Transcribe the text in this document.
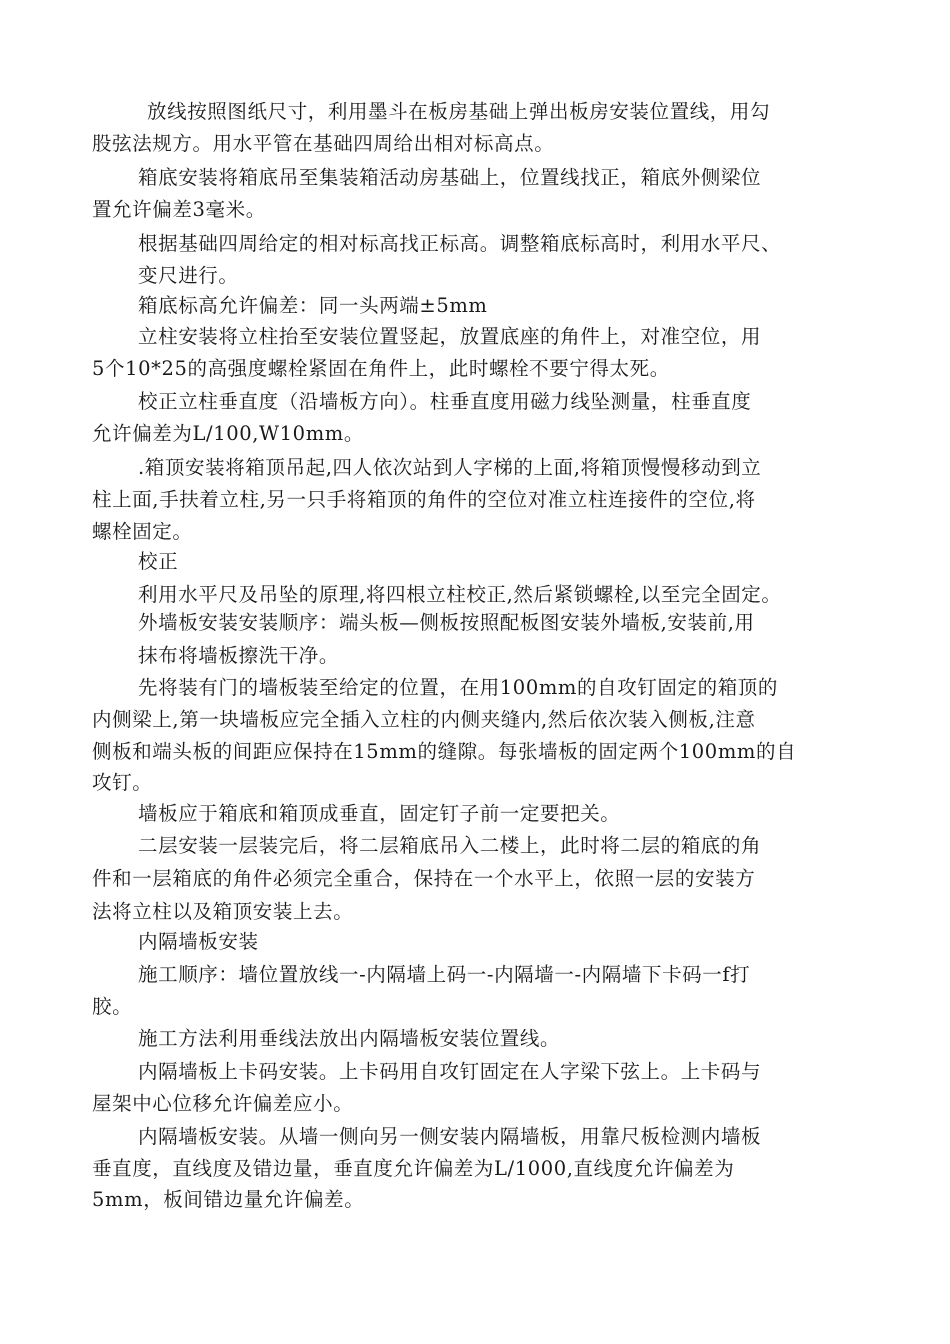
放线按照图纸尺寸，利用墨斗在板房基础上弹出板房安装位置线，用勾
股弦法规方。用水平管在基础四周给出相对标高点。
箱底安装将箱底吊至集装箱活动房基础上，位置线找正，箱底外侧梁位
置允许偏差3毫米。
根据基础四周给定的相对标高找正标高。调整箱底标高时，利用水平尺、
变尺进行。
箱底标高允许偏差：同一头两端±5mm
立柱安装将立柱抬至安装位置竖起，放置底座的角件上，对准空位，用
5个10*25的高强度螺栓紧固在角件上，此时螺栓不要宁得太死。
校正立柱垂直度（沿墙板方向）。柱垂直度用磁力线坠测量，柱垂直度
允许偏差为L/100,W10mm。
.箱顶安装将箱顶吊起,四人依次站到人字梯的上面,将箱顶慢慢移动到立
柱上面,手扶着立柱,另一只手将箱顶的角件的空位对准立柱连接件的空位,将
螺栓固定。
校正
利用水平尺及吊坠的原理,将四根立柱校正,然后紧锁螺栓,以至完全固定。
外墙板安装安装顺序：端头板—侧板按照配板图安装外墙板,安装前,用
抹布将墙板擦洗干净。
先将装有门的墙板装至给定的位置，在用100mm的自攻钉固定的箱顶的
内侧梁上,第一块墙板应完全插入立柱的内侧夹缝内,然后依次装入侧板,注意
侧板和端头板的间距应保持在15mm的缝隙。每张墙板的固定两个100mm的自
攻钉。
墙板应于箱底和箱顶成垂直，固定钉子前一定要把关。
二层安装一层装完后，将二层箱底吊入二楼上，此时将二层的箱底的角
件和一层箱底的角件必须完全重合，保持在一个水平上，依照一层的安装方
法将立柱以及箱顶安装上去。
内隔墙板安装
施工顺序：墙位置放线一-内隔墙上码一-内隔墙一-内隔墙下卡码一f打
胶。
施工方法利用垂线法放出内隔墙板安装位置线。
内隔墙板上卡码安装。上卡码用自攻钉固定在人字梁下弦上。上卡码与
屋架中心位移允许偏差应小。
内隔墙板安装。从墙一侧向另一侧安装内隔墙板，用靠尺板检测内墙板
垂直度，直线度及错边量，垂直度允许偏差为L/1000,直线度允许偏差为
5mm，板间错边量允许偏差。
